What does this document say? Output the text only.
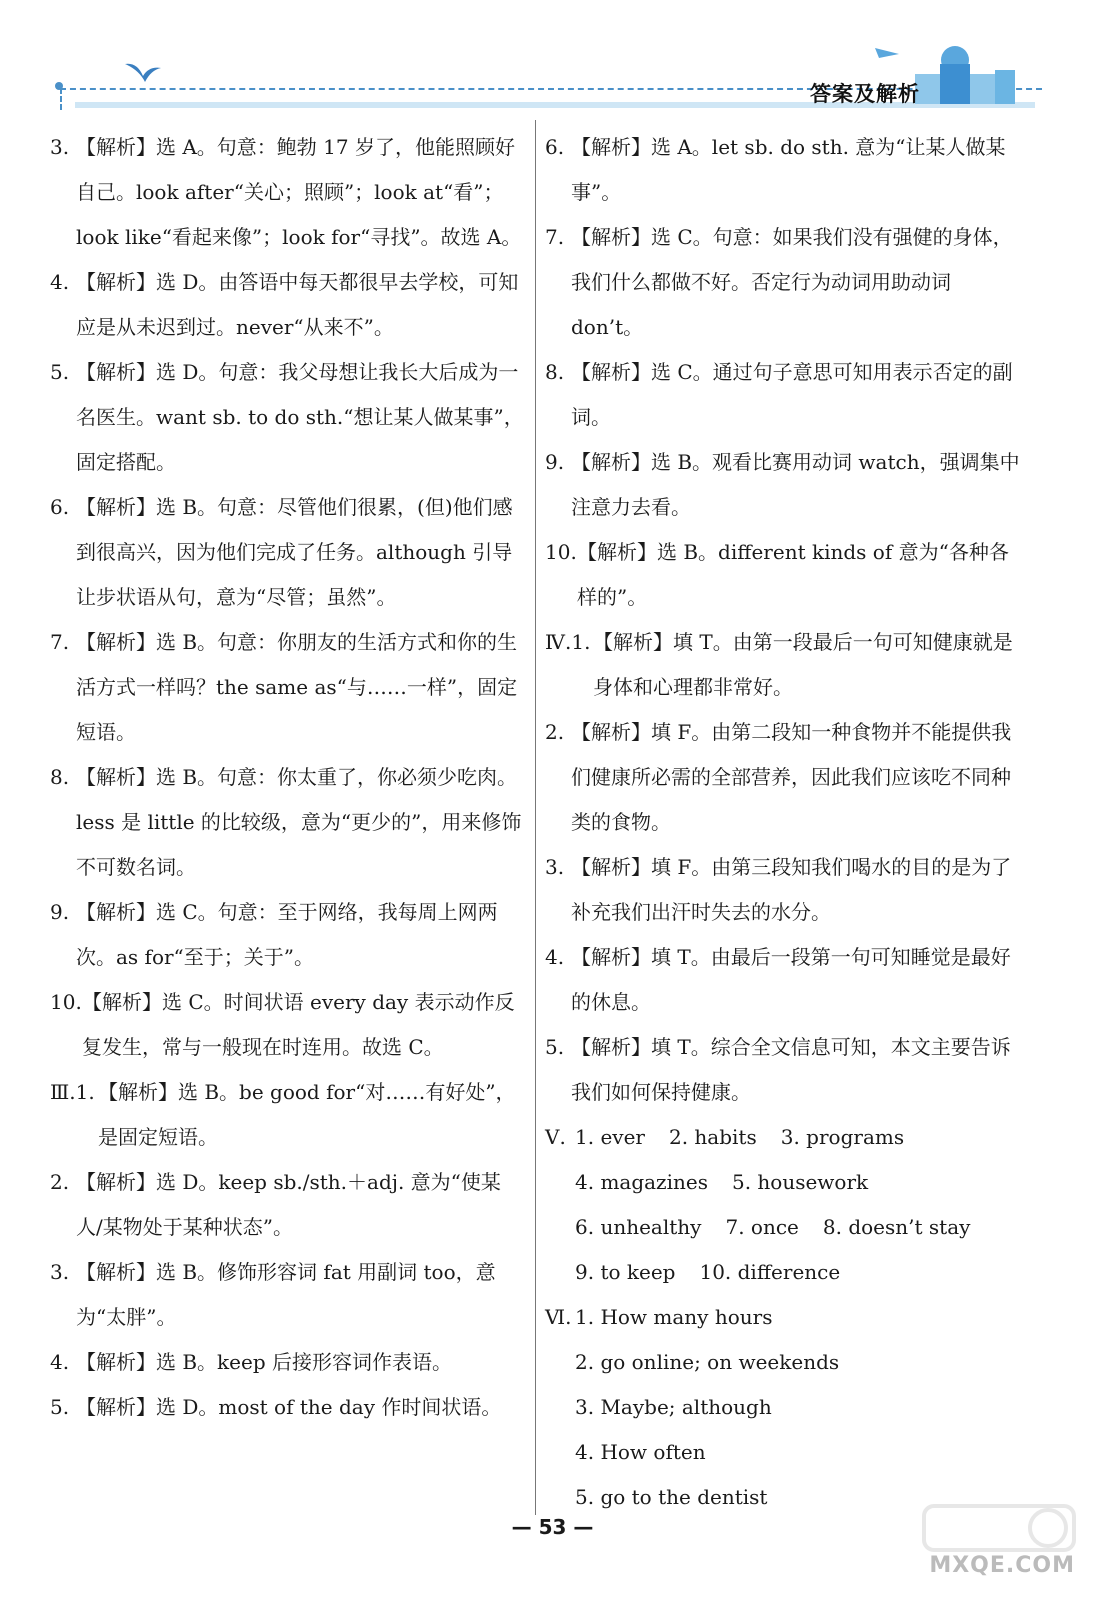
答案及解析
3. 【解析】选 A。句意：鲍勃 17 岁了，他能照顾好自己。look after“关心；照顾”；look at“看”；look like“看起来像”；look for“寻找”。故选 A。
4. 【解析】选 D。由答语中每天都很早去学校，可知应是从未迟到过。never“从来不”。
5. 【解析】选 D。句意：我父母想让我长大后成为一名医生。want sb. to do sth.“想让某人做某事”，固定搭配。
6. 【解析】选 B。句意：尽管他们很累，(但)他们感到很高兴，因为他们完成了任务。although 引导让步状语从句，意为“尽管；虽然”。
7. 【解析】选 B。句意：你朋友的生活方式和你的生活方式一样吗？the same as“与……一样”，固定短语。
8. 【解析】选 B。句意：你太重了，你必须少吃肉。less 是 little 的比较级，意为“更少的”，用来修饰不可数名词。
9. 【解析】选 C。句意：至于网络，我每周上网两次。as for“至于；关于”。
10. 【解析】选 C。时间状语 every day 表示动作反复发生，常与一般现在时连用。故选 C。
Ⅲ.1. 【解析】选 B。be good for“对……有好处”，是固定短语。
2. 【解析】选 D。keep sb./sth.＋adj. 意为“使某人/某物处于某种状态”。
3. 【解析】选 B。修饰形容词 fat 用副词 too，意为“太胖”。
4. 【解析】选 B。keep 后接形容词作表语。
5. 【解析】选 D。most of the day 作时间状语。
6. 【解析】选 A。let sb. do sth. 意为“让某人做某事”。
7. 【解析】选 C。句意：如果我们没有强健的身体，我们什么都做不好。否定行为动词用助动词 don’t。
8. 【解析】选 C。通过句子意思可知用表示否定的副词。
9. 【解析】选 B。观看比赛用动词 watch，强调集中注意力去看。
10. 【解析】选 B。different kinds of 意为“各种各样的”。
Ⅳ.1. 【解析】填 T。由第一段最后一句可知健康就是身体和心理都非常好。
2. 【解析】填 F。由第二段知一种食物并不能提供我们健康所必需的全部营养，因此我们应该吃不同种类的食物。
3. 【解析】填 F。由第三段知我们喝水的目的是为了补充我们出汗时失去的水分。
4. 【解析】填 T。由最后一段第一句可知睡觉是最好的休息。
5. 【解析】填 T。综合全文信息可知，本文主要告诉我们如何保持健康。
Ⅴ. 1. ever 2. habits 3. programs
4. magazines 5. housework
6. unhealthy 7. once 8. doesn’t stay
9. to keep 10. difference
Ⅵ. 1. How many hours
2. go online; on weekends
3. Maybe; although
4. How often
5. go to the dentist
— 53 —
MXQE.COM
